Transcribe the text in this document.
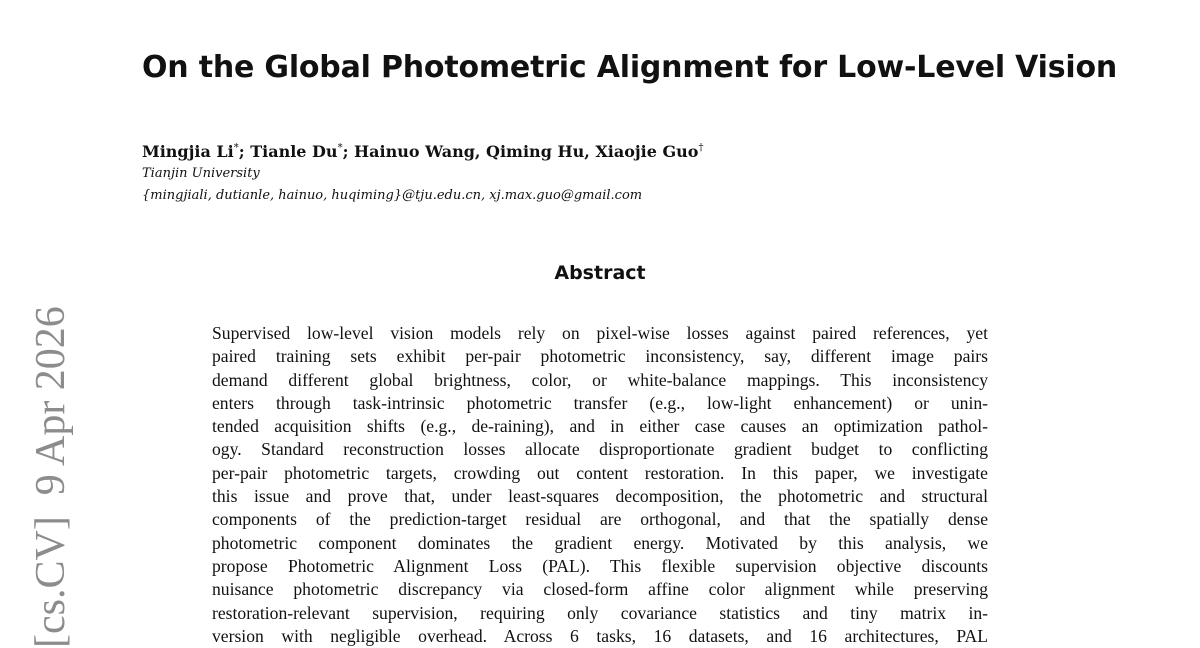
On the Global Photometric Alignment for Low-Level Vision
Mingjia Li*; Tianle Du*; Hainuo Wang, Qiming Hu, Xiaojie Guo†
Tianjin University
{mingjiali, dutianle, hainuo, huqiming}@tju.edu.cn, xj.max.guo@gmail.com
Abstract
Supervised low-level vision models rely on pixel-wise losses against paired references, yet
paired training sets exhibit per-pair photometric inconsistency, say, different image pairs
demand different global brightness, color, or white-balance mappings. This inconsistency
enters through task-intrinsic photometric transfer (e.g., low-light enhancement) or unin-
tended acquisition shifts (e.g., de-raining), and in either case causes an optimization pathol-
ogy. Standard reconstruction losses allocate disproportionate gradient budget to conflicting
per-pair photometric targets, crowding out content restoration. In this paper, we investigate
this issue and prove that, under least-squares decomposition, the photometric and structural
components of the prediction-target residual are orthogonal, and that the spatially dense
photometric component dominates the gradient energy. Motivated by this analysis, we
propose Photometric Alignment Loss (PAL). This flexible supervision objective discounts
nuisance photometric discrepancy via closed-form affine color alignment while preserving
restoration-relevant supervision, requiring only covariance statistics and tiny matrix in-
version with negligible overhead. Across 6 tasks, 16 datasets, and 16 architectures, PAL
[cs.CV]  9 Apr 2026
